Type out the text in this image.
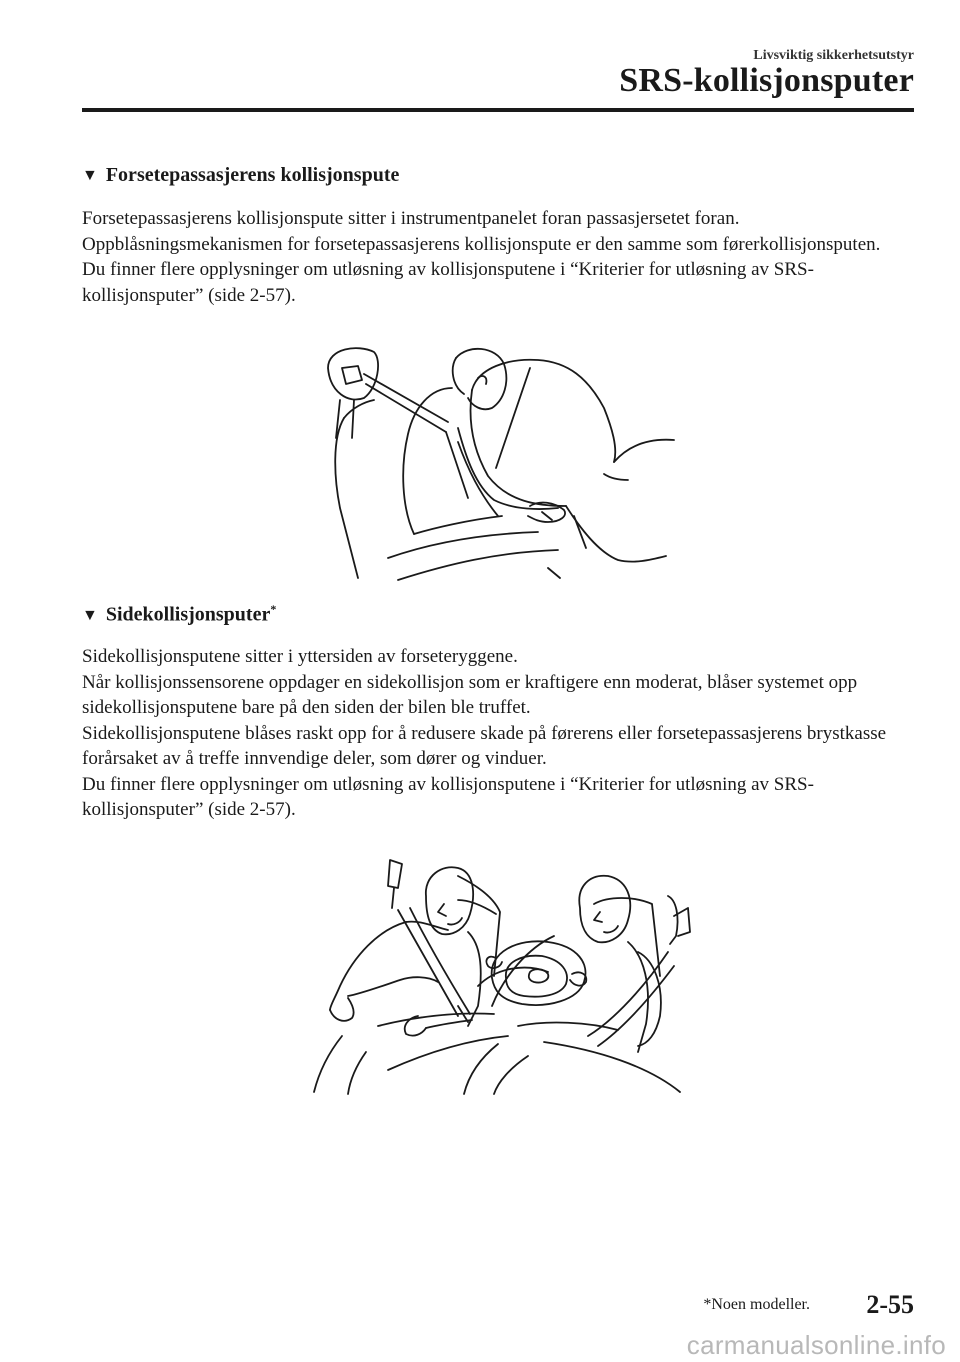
Livsviktig sikkerhetsutstyr
SRS-kollisjonsputer
▼ Forsetepassasjerens kollisjonspute

Forsetepassasjerens kollisjonspute sitter i instrumentpanelet foran passasjersetet foran.

Oppblåsningsmekanismen for forsetepassasjerens kollisjonspute er den samme som førerkollisjonsputen.

Du finner flere opplysninger om utløsning av kollisjonsputene i “Kriterier for utløsning av SRS-kollisjonsputer” (side 2-57).

▼ Sidekollisjonsputer*

Sidekollisjonsputene sitter i yttersiden av forseteryggene.

Når kollisjonssensorene oppdager en sidekollisjon som er kraftigere enn moderat, blåser systemet opp sidekollisjonsputene bare på den siden der bilen ble truffet.

Sidekollisjonsputene blåses raskt opp for å redusere skade på førerens eller forsetepassasjerens brystkasse forårsaket av å treffe innvendige deler, som dører og vinduer.

Du finner flere opplysninger om utløsning av kollisjonsputene i “Kriterier for utløsning av SRS-kollisjonsputer” (side 2-57).

*Noen modeller. 2-55
carmanualsonline.info
